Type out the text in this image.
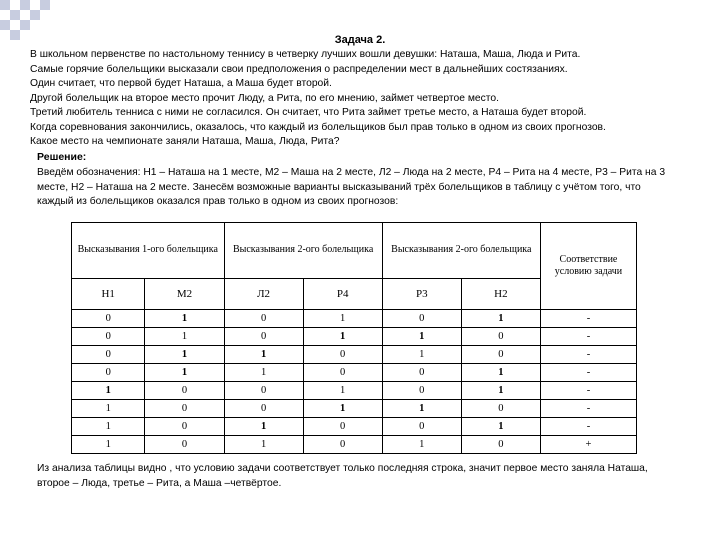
Задача 2.
В школьном первенстве по настольному теннису в четверку лучших вошли девушки: Наташа, Маша, Люда и Рита.
Самые горячие болельщики высказали свои предположения о распределении мест в дальнейших состязаниях.
Один считает, что первой будет Наташа, а Маша будет второй.
Другой болельщик на второе место прочит Люду, а Рита, по его мнению, займет четвертое место.
Третий любитель тенниса с ними не согласился. Он считает, что Рита займет третье место, а Наташа будет второй.
Когда соревнования закончились, оказалось, что каждый из болельщиков был прав только в одном из своих прогнозов.
Какое место на чемпионате заняли Наташа, Маша, Люда, Рита?
Решение:
Введём обозначения: Н1 – Наташа на 1 месте, М2 – Маша на 2 месте, Л2 – Люда на 2 месте, Р4 – Рита на 4 месте, Р3 – Рита на 3 месте, Н2 – Наташа на 2 месте. Занесём возможные варианты высказываний трёх болельщиков в таблицу с учётом того, что каждый из болельщиков оказался прав только в одном из своих прогнозов:
Высказывания 1-ого болельщика		Высказывания 2-ого болельщика		Высказывания 2-ого болельщика		Соответствие условию задачи
Н1	М2	Л2	Р4	Р3	Н2	
0	1	0	1	0	1	-
0	1	0	1	1	0	-
0	1	1	0	1	0	-
0	1	1	0	0	1	-
1	0	0	1	0	1	-
1	0	0	1	1	0	-
1	0	1	0	0	1	-
1	0	1	0	1	0	+
Из анализа таблицы видно , что условию задачи соответствует только последняя строка, значит первое место заняла Наташа, второе – Люда, третье – Рита, а Маша –четвёртое.
